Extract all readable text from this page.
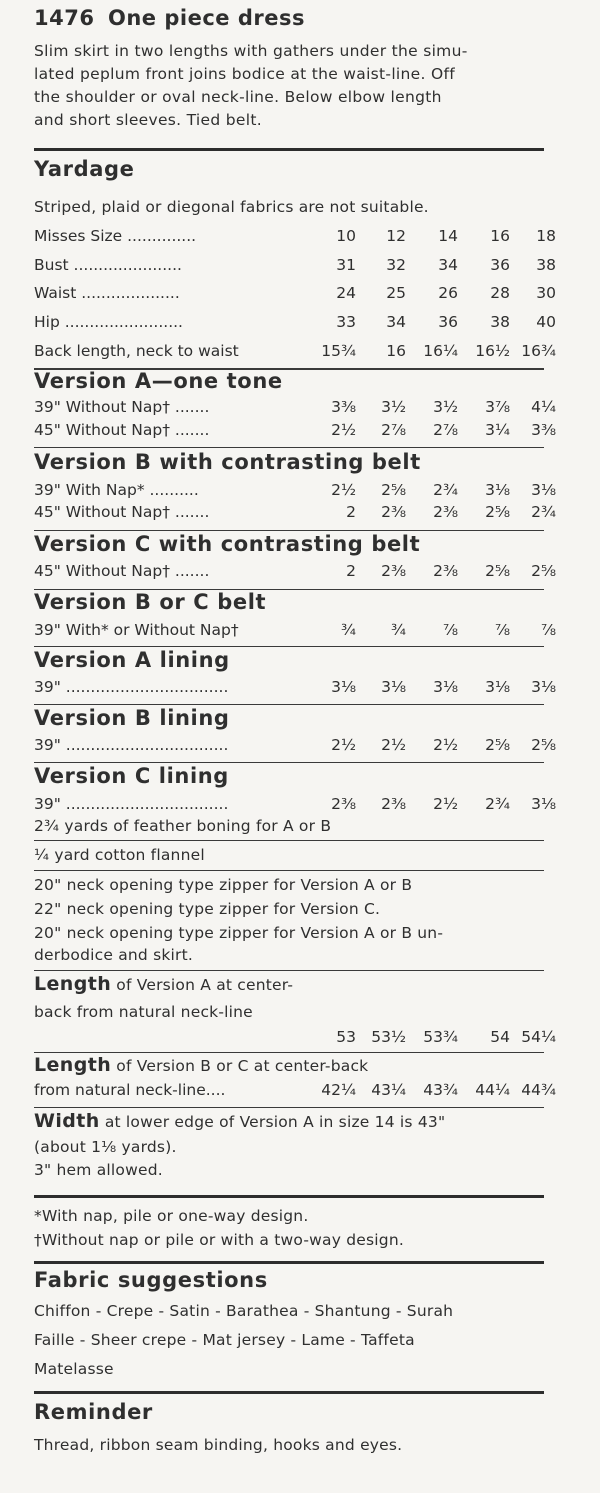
1476 One piece dress
Slim skirt in two lengths with gathers under the simu-
lated peplum front joins bodice at the waist-line. Off
the shoulder or oval neck-line. Below elbow length
and short sleeves. Tied belt.
Yardage
Striped, plaid or diegonal fabrics are not suitable.
Misses Size ..............	10	12	14	16	18
Bust ......................	31	32	34	36	38
Waist ....................	24	25	26	28	30
Hip ........................	33	34	36	38	40
Back length, neck to waist	15¾	16	16¼	16½ 16¾
Version A—one tone
39" Without Nap† .......	3⅜	3½	3½	3⅞	4¼
45" Without Nap† .......	2½	2⅞	2⅞	3¼	3⅜
Version B with contrasting belt
39" With Nap* ..........	2½	2⅝	2¾	3⅛	3⅛
45" Without Nap† .......	2	2⅜	2⅜	2⅝	2¾
Version C with contrasting belt
45" Without Nap† .......	2	2⅜	2⅜	2⅝	2⅝
Version B or C belt
39" With* or Without Nap†	¾	¾	⅞	⅞	⅞
Version A lining
39" .................................	3⅛	3⅛	3⅛	3⅛	3⅛
Version B lining
39" .................................	2½	2½	2½	2⅝	2⅝
Version C lining
39" .................................	2⅜	2⅜	2½	2¾	3⅛
2¾ yards of feather boning for A or B
¼ yard cotton flannel
20" neck opening type zipper for Version A or B
22" neck opening type zipper for Version C.
20" neck opening type zipper for Version A or B un-
derbodice and skirt.
Length of Version A at center-
back from natural neck-line
53 53½	53¾	54 54¼
Length of Version B or C at center-back
from natural neck-line....	42¼ 43¼	43¾	44¼ 44¾
Width at lower edge of Version A in size 14 is 43"
(about 1⅛ yards).
3" hem allowed.
*With nap, pile or one-way design.
†Without nap or pile or with a two-way design.
Fabric suggestions
Chiffon - Crepe - Satin - Barathea - Shantung - Surah
Faille - Sheer crepe - Mat jersey - Lame - Taffeta
Matelasse
Reminder
Thread, ribbon seam binding, hooks and eyes.
